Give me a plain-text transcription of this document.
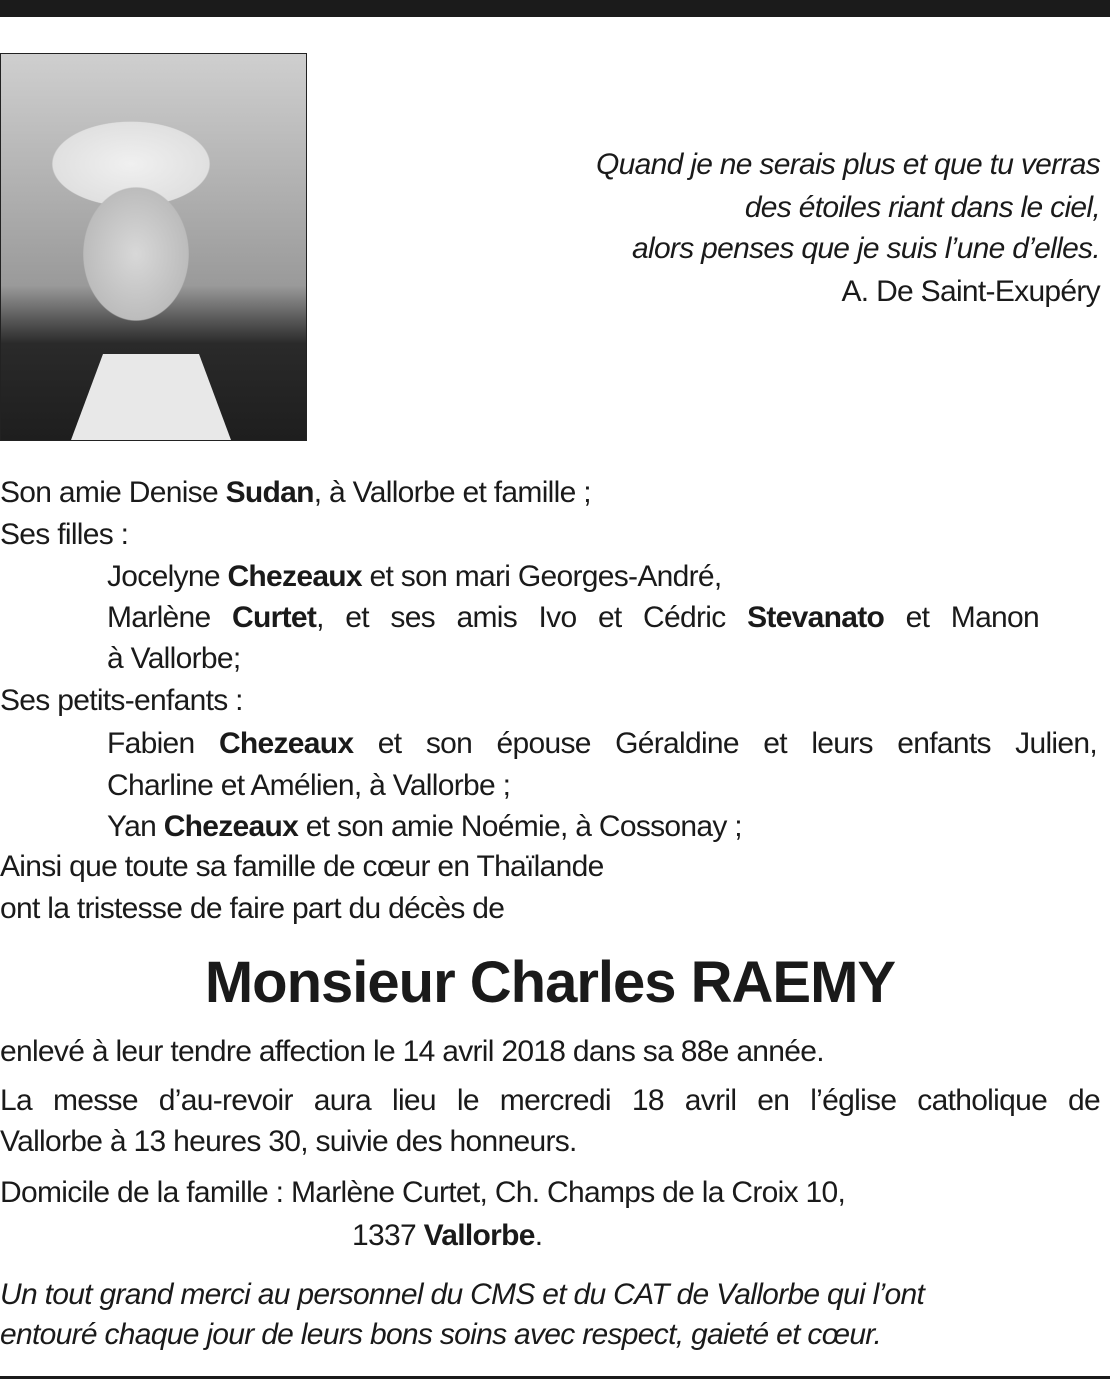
Quand je ne serais plus et que tu verras
des étoiles riant dans le ciel,
alors penses que je suis l’une d’elles.
A. De Saint-Exupéry
Son amie Denise Sudan, à Vallorbe et famille ;
Ses filles :
Jocelyne Chezeaux et son mari Georges-André,
Marlène Curtet, et ses amis Ivo et Cédric Stevanato et Manon
à Vallorbe;
Ses petits-enfants :
Fabien Chezeaux et son épouse Géraldine et leurs enfants Julien,
Charline et Amélien, à Vallorbe ;
Yan Chezeaux et son amie Noémie, à Cossonay ;
Ainsi que toute sa famille de cœur en Thaïlande
ont la tristesse de faire part du décès de
Monsieur Charles RAEMY
enlevé à leur tendre affection le 14 avril 2018 dans sa 88e année.
La messe d’au-revoir aura lieu le mercredi 18 avril en l’église catholique de
Vallorbe à 13 heures 30, suivie des honneurs.
Domicile de la famille : Marlène Curtet, Ch. Champs de la Croix 10,
1337 Vallorbe.
Un tout grand merci au personnel du CMS et du CAT de Vallorbe qui l’ont
entouré chaque jour de leurs bons soins avec respect, gaieté et cœur.
